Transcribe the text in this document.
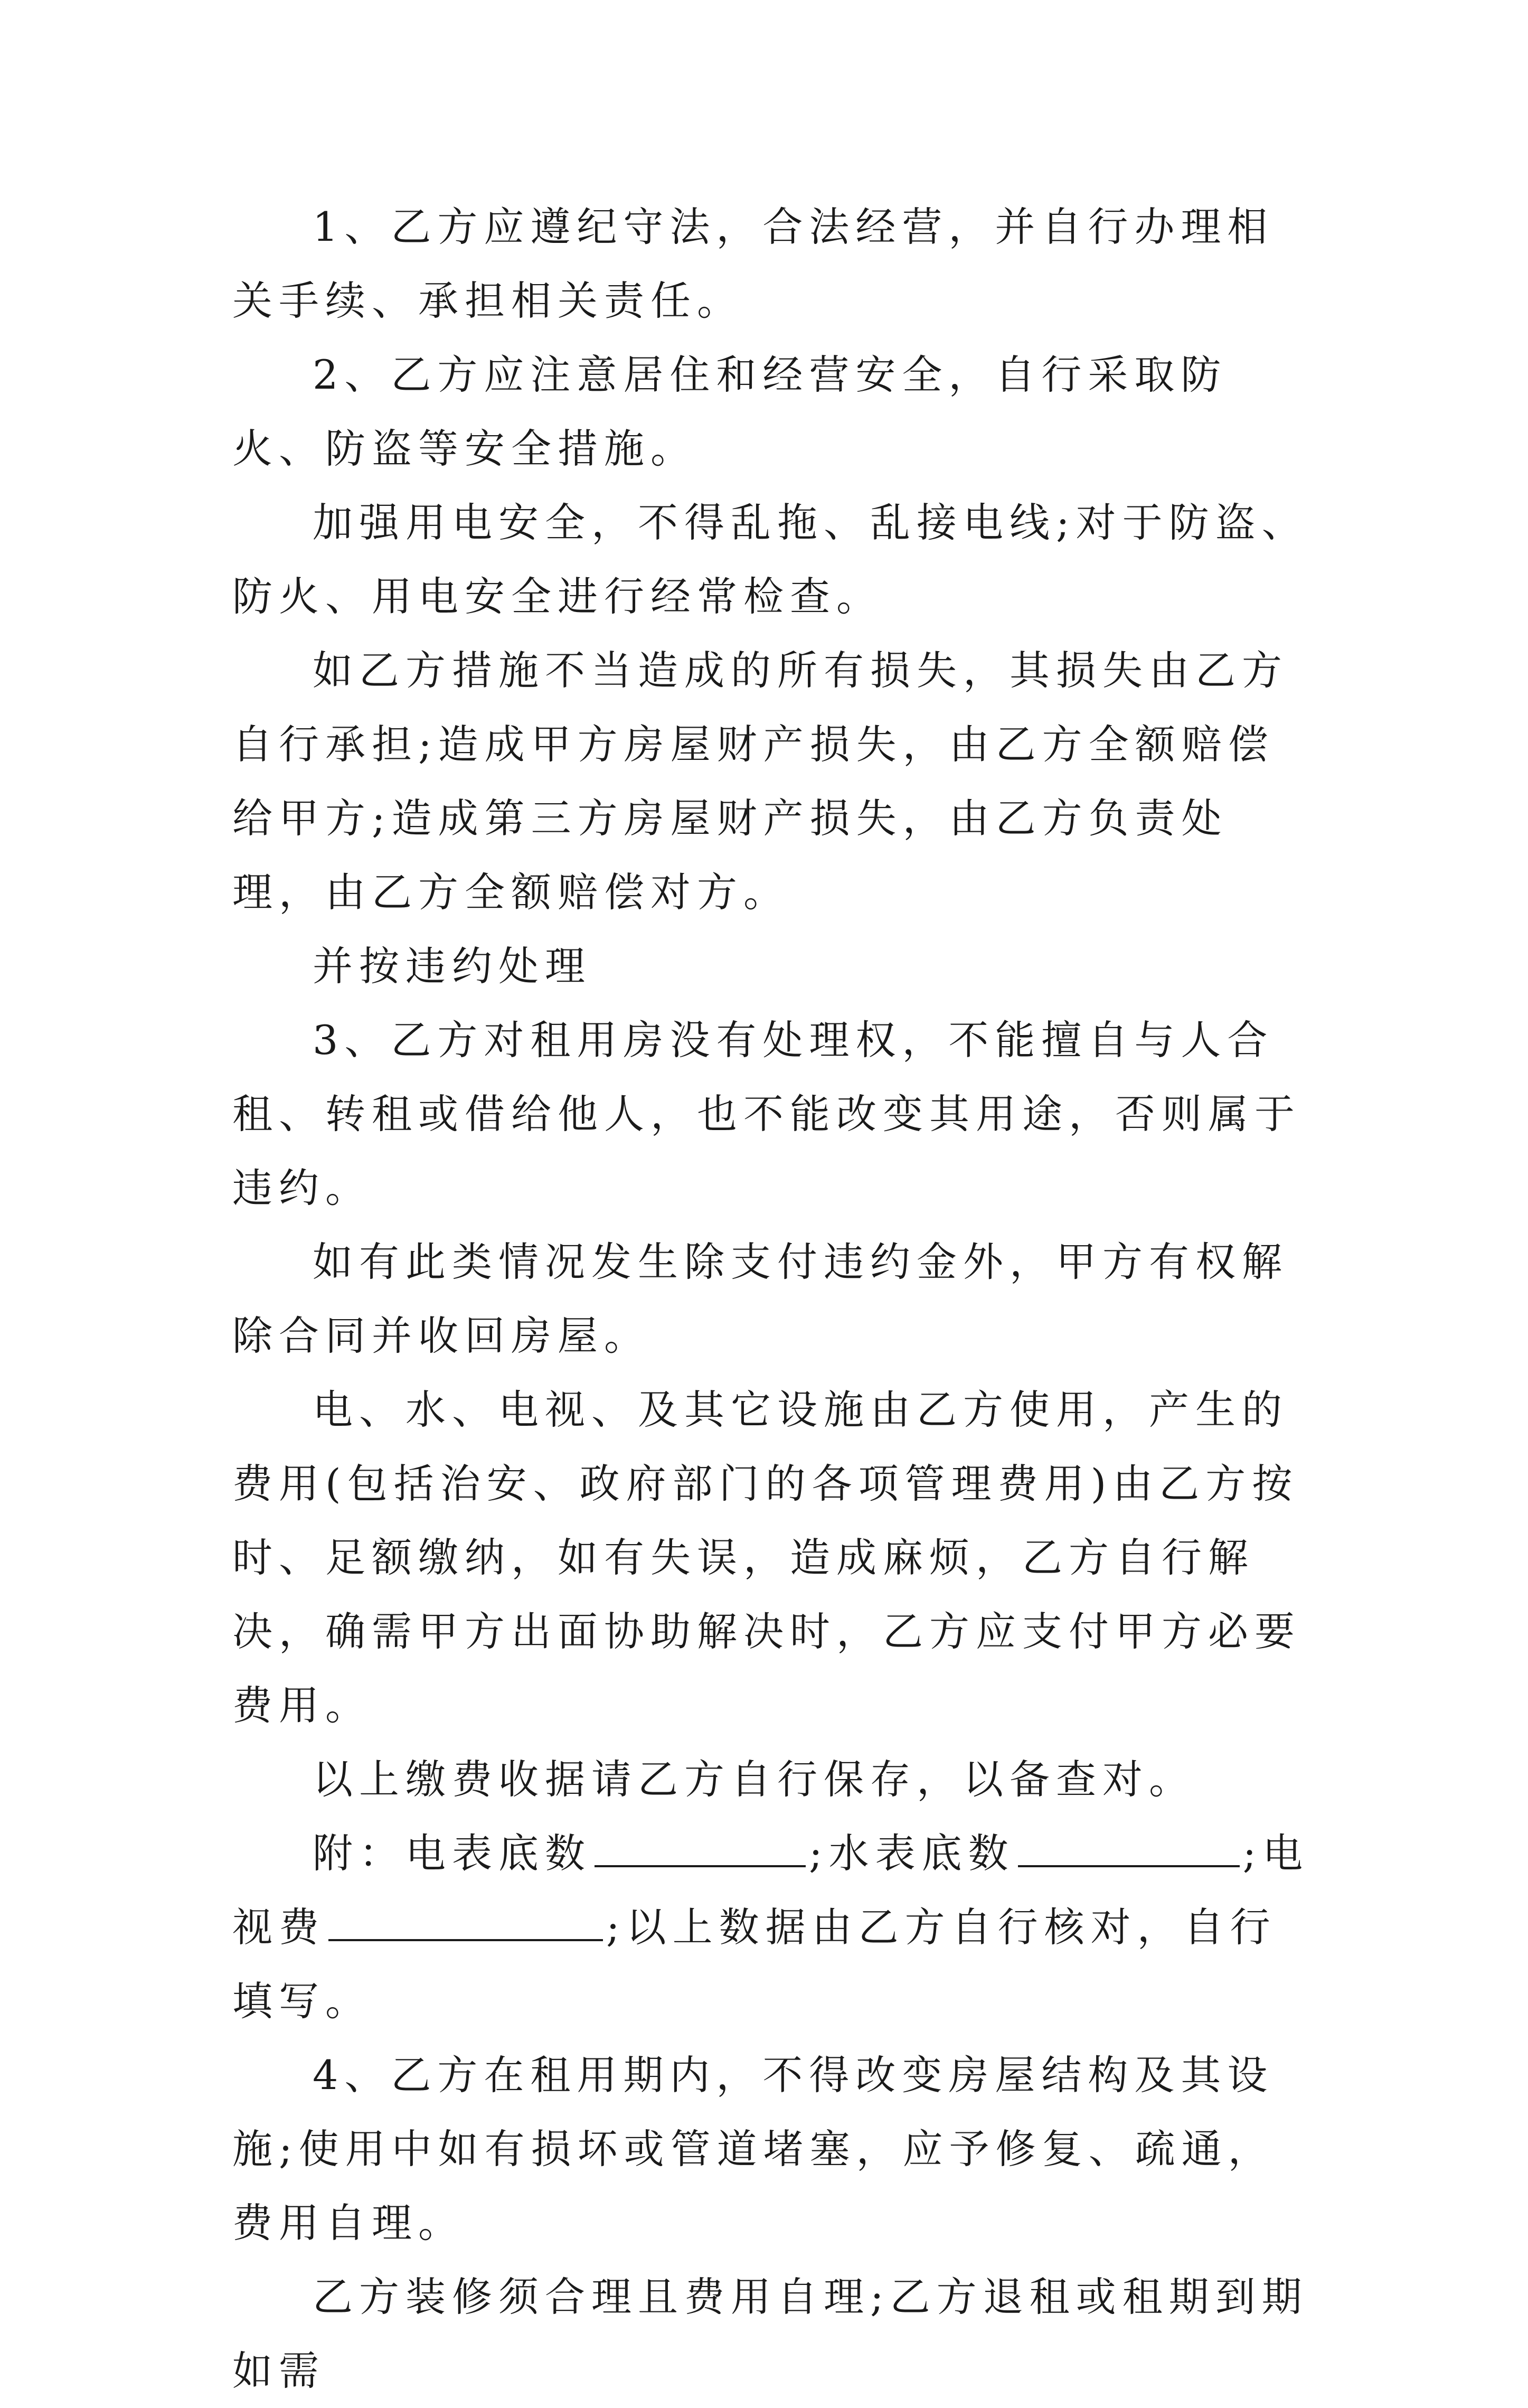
1、乙方应遵纪守法，合法经营，并自行办理相关手续、承担相关责任。

2、乙方应注意居住和经营安全，自行采取防火、防盗等安全措施。

加强用电安全，不得乱拖、乱接电线;对于防盗、防火、用电安全进行经常检查。

如乙方措施不当造成的所有损失，其损失由乙方自行承担;造成甲方房屋财产损失，由乙方全额赔偿给甲方;造成第三方房屋财产损失，由乙方负责处理，由乙方全额赔偿对方。

并按违约处理

3、乙方对租用房没有处理权，不能擅自与人合租、转租或借给他人，也不能改变其用途，否则属于违约。

如有此类情况发生除支付违约金外，甲方有权解除合同并收回房屋。

电、水、电视、及其它设施由乙方使用，产生的费用(包括治安、政府部门的各项管理费用)由乙方按时、足额缴纳，如有失误，造成麻烦，乙方自行解决，确需甲方出面协助解决时，乙方应支付甲方必要费用。

以上缴费收据请乙方自行保存，以备查对。

附：电表底数	;水表底数	;电视费	;以上数据由乙方自行核对，自行填写。

4、乙方在租用期内，不得改变房屋结构及其设施;使用中如有损坏或管道堵塞，应予修复、疏通，费用自理。

乙方装修须合理且费用自理;乙方退租或租期到期如需
